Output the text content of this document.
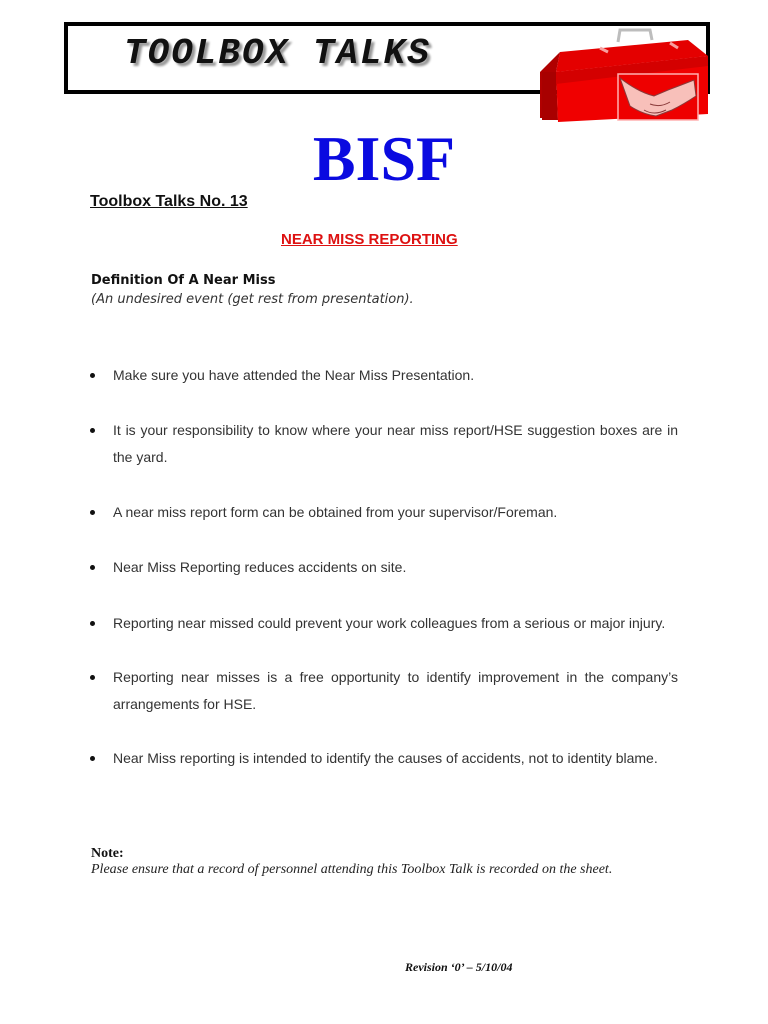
TOOLBOX TALKS
BISF
Toolbox Talks No. 13
NEAR MISS REPORTING
Definition Of A Near Miss
(An undesired event (get rest from presentation).
Make sure you have attended the Near Miss Presentation.
It is your responsibility to know where your near miss report/HSE suggestion boxes are in the yard.
A near miss report form can be obtained from your supervisor/Foreman.
Near Miss Reporting reduces accidents on site.
Reporting near missed could prevent your work colleagues from a serious or major injury.
Reporting near misses is a free opportunity to identify improvement in the company’s arrangements for HSE.
Near Miss reporting is intended to identify the causes of accidents, not to identity blame.
Note:
Please ensure that a record of personnel attending this Toolbox Talk is recorded on the sheet.
Revision ‘0’ – 5/10/04
